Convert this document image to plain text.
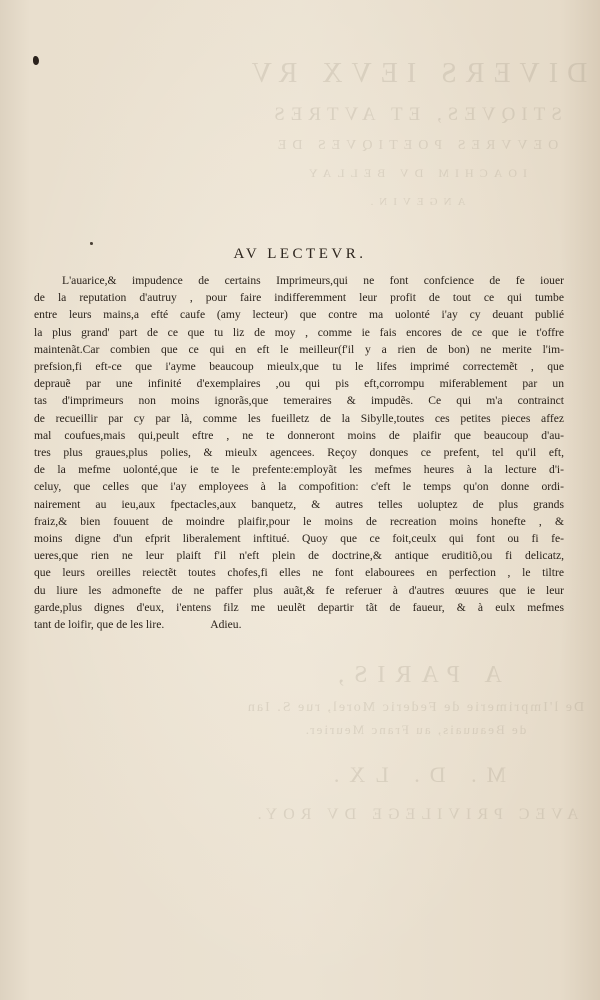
DIVERS IEVX RV
STIQVES, ET AVTRES
OEVVRES POETIQVES DE
IOACHIM DV BELLAY
ANGEVIN.
A PARIS,
De l'Imprimerie de Federic Morel, rue S. Ian
de Beauuais, au Franc Meurier.
M. D. LX.
AVEC PRIVILEGE DV ROY.
AV LECTEVR.
L'auarice,& impudence de certains Imprimeurs,qui ne font confcience de fe iouer
de la reputation d'autruy , pour faire indifferemment leur profit de tout ce qui tumbe
entre leurs mains,a efté caufe (amy lecteur) que contre ma uolonté i'ay cy deuant publié
la plus grand' part de ce que tu liz de moy , comme ie fais encores de ce que ie t'offre
maintenãt.Car combien que ce qui en eft le meilleur(f'il y a rien de bon) ne merite l'im-
prefsion,fi eft-ce que i'ayme beaucoup mieulx,que tu le lifes imprimé correctemẽt , que
deprauẽ par une infinité d'exemplaires ,ou qui pis eft,corrompu miferablement par un
tas d'imprimeurs non moins ignorãs,que temeraires & impudẽs. Ce qui m'a contrainct
de recueillir par cy par là, comme les fueilletz de la Sibylle,toutes ces petites pieces affez
mal coufues,mais qui,peult eftre , ne te donneront moins de plaifir que beaucoup d'au-
tres plus graues,plus polies, & mieulx agencees. Reçoy donques ce prefent, tel qu'il eft,
de la mefme uolonté,que ie te le prefente:employãt les mefmes heures à la lecture d'i-
celuy, que celles que i'ay employees à la compofition: c'eft le temps qu'on donne ordi-
nairement au ieu,aux fpectacles,aux banquetz, & autres telles uoluptez de plus grands
fraiz,& bien fouuent de moindre plaifir,pour le moins de recreation moins honefte , &
moins digne d'un efprit liberalement inftitué. Quoy que ce foit,ceulx qui font ou fi fe-
ueres,que rien ne leur plaift f'il n'eft plein de doctrine,& antique eruditiõ,ou fi delicatz,
que leurs oreilles reiectẽt toutes chofes,fi elles ne font elabourees en perfection , le tiltre
du liure les admonefte de ne paffer plus auãt,& fe referuer à d'autres œuures que ie leur
garde,plus dignes d'eux, i'entens filz me ueulẽt departir tãt de faueur, & à eulx mefmes
tant de loifir, que de les lire.	Adieu.
